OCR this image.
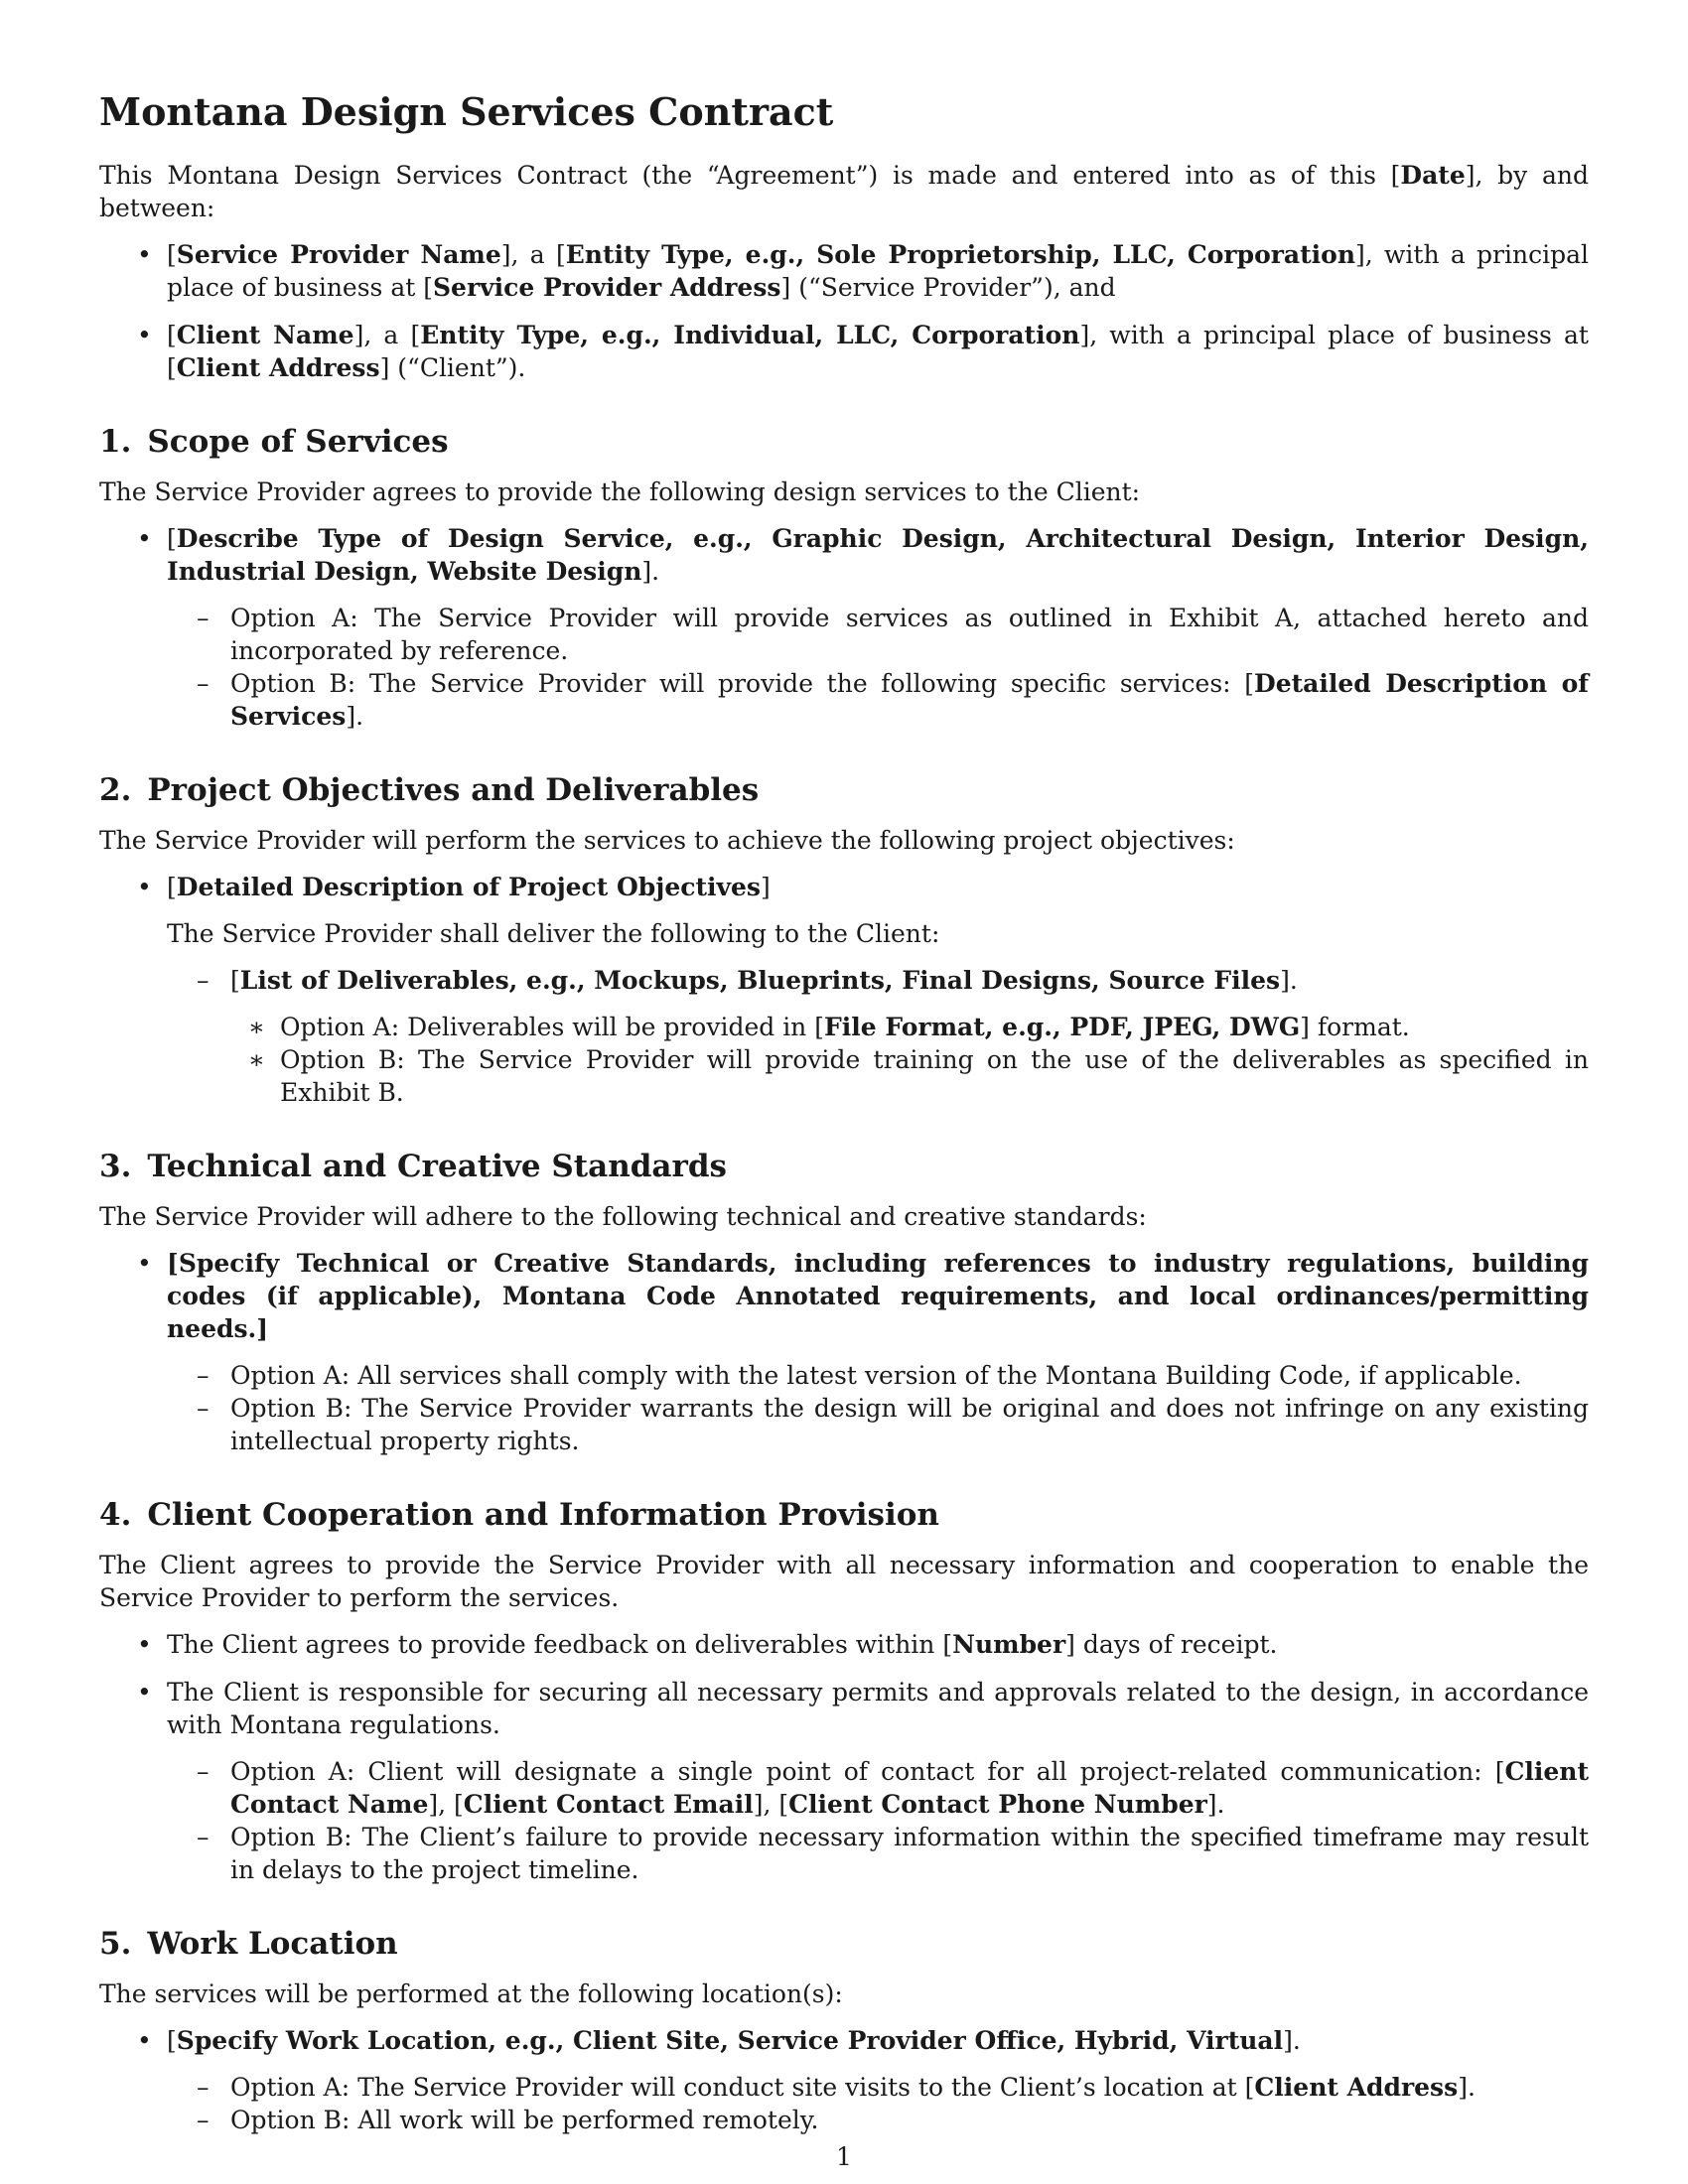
Montana Design Services Contract

This Montana Design Services Contract (the “Agreement”) is made and entered into as of this [Date], by and between:

• [Service Provider Name], a [Entity Type, e.g., Sole Proprietorship, LLC, Corporation], with a principal place of business at [Service Provider Address] (“Service Provider”), and
• [Client Name], a [Entity Type, e.g., Individual, LLC, Corporation], with a principal place of business at [Client Address] (“Client”).
1. Scope of Services

The Service Provider agrees to provide the following design services to the Client:

• [Describe Type of Design Service, e.g., Graphic Design, Architectural Design, Interior Design, Industrial Design, Website Design].
– Option A: The Service Provider will provide services as outlined in Exhibit A, attached hereto and incorporated by reference.
– Option B: The Service Provider will provide the following specific services: [Detailed Description of Services].
2. Project Objectives and Deliverables

The Service Provider will perform the services to achieve the following project objectives:

• [Detailed Description of Project Objectives]

The Service Provider shall deliver the following to the Client:

– [List of Deliverables, e.g., Mockups, Blueprints, Final Designs, Source Files].
∗ Option A: Deliverables will be provided in [File Format, e.g., PDF, JPEG, DWG] format.
∗ Option B: The Service Provider will provide training on the use of the deliverables as specified in Exhibit B.
3. Technical and Creative Standards

The Service Provider will adhere to the following technical and creative standards:

• [Specify Technical or Creative Standards, including references to industry regulations, building codes (if applicable), Montana Code Annotated requirements, and local ordinances/permitting needs.]
– Option A: All services shall comply with the latest version of the Montana Building Code, if applicable.
– Option B: The Service Provider warrants the design will be original and does not infringe on any existing intellectual property rights.
4. Client Cooperation and Information Provision

The Client agrees to provide the Service Provider with all necessary information and cooperation to enable the Service Provider to perform the services.

• The Client agrees to provide feedback on deliverables within [Number] days of receipt.
• The Client is responsible for securing all necessary permits and approvals related to the design, in accordance with Montana regulations.
– Option A: Client will designate a single point of contact for all project-related communication: [Client Contact Name], [Client Contact Email], [Client Contact Phone Number].
– Option B: The Client’s failure to provide necessary information within the specified timeframe may result in delays to the project timeline.
5. Work Location

The services will be performed at the following location(s):

• [Specify Work Location, e.g., Client Site, Service Provider Office, Hybrid, Virtual].
– Option A: The Service Provider will conduct site visits to the Client’s location at [Client Address].
– Option B: All work will be performed remotely.
1
